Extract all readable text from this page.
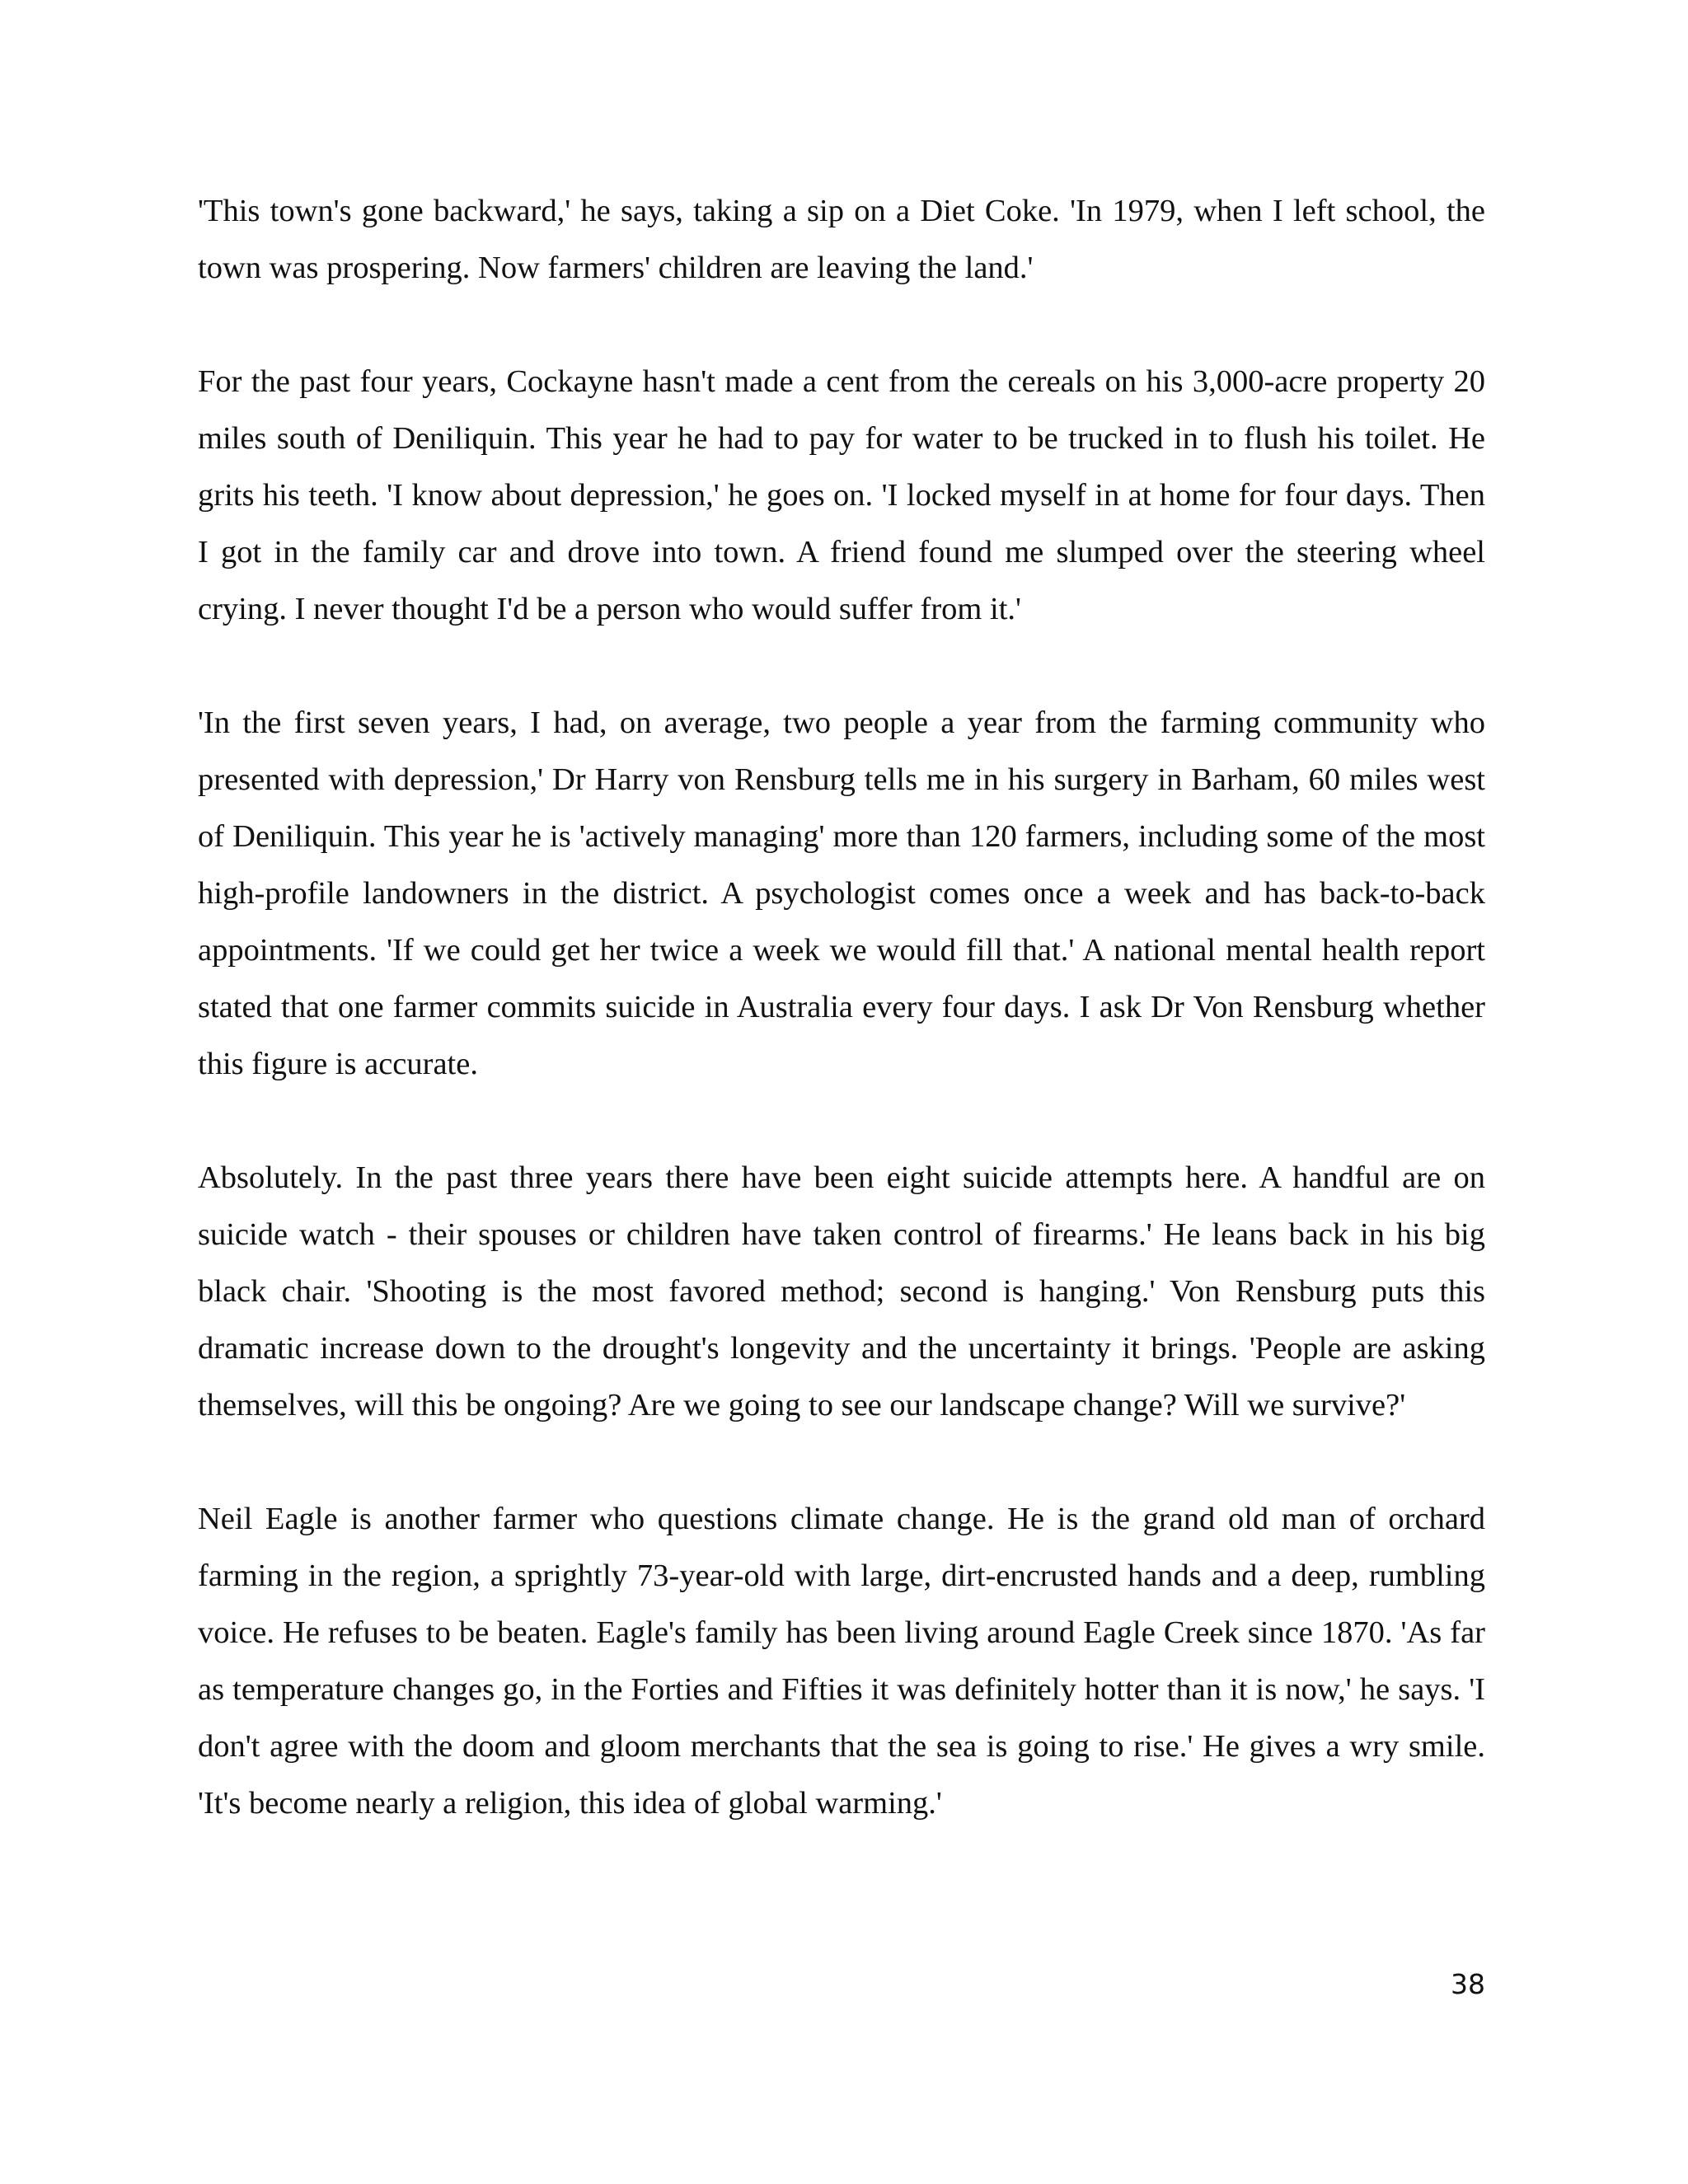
'This town's gone backward,' he says, taking a sip on a Diet Coke. 'In 1979, when I left school, the town was prospering. Now farmers' children are leaving the land.'

For the past four years, Cockayne hasn't made a cent from the cereals on his 3,000-acre property 20 miles south of Deniliquin. This year he had to pay for water to be trucked in to flush his toilet. He grits his teeth. 'I know about depression,' he goes on. 'I locked myself in at home for four days. Then I got in the family car and drove into town. A friend found me slumped over the steering wheel crying. I never thought I'd be a person who would suffer from it.'

'In the first seven years, I had, on average, two people a year from the farming community who presented with depression,' Dr Harry von Rensburg tells me in his surgery in Barham, 60 miles west of Deniliquin. This year he is 'actively managing' more than 120 farmers, including some of the most high-profile landowners in the district. A psychologist comes once a week and has back-to-back appointments. 'If we could get her twice a week we would fill that.' A national mental health report stated that one farmer commits suicide in Australia every four days. I ask Dr Von Rensburg whether this figure is accurate.

Absolutely. In the past three years there have been eight suicide attempts here. A handful are on suicide watch - their spouses or children have taken control of firearms.' He leans back in his big black chair. 'Shooting is the most favored method; second is hanging.' Von Rensburg puts this dramatic increase down to the drought's longevity and the uncertainty it brings. 'People are asking themselves, will this be ongoing? Are we going to see our landscape change? Will we survive?'

Neil Eagle is another farmer who questions climate change. He is the grand old man of orchard farming in the region, a sprightly 73-year-old with large, dirt-encrusted hands and a deep, rumbling voice. He refuses to be beaten. Eagle's family has been living around Eagle Creek since 1870. 'As far as temperature changes go, in the Forties and Fifties it was definitely hotter than it is now,' he says. 'I don't agree with the doom and gloom merchants that the sea is going to rise.' He gives a wry smile. 'It's become nearly a religion, this idea of global warming.'

38
